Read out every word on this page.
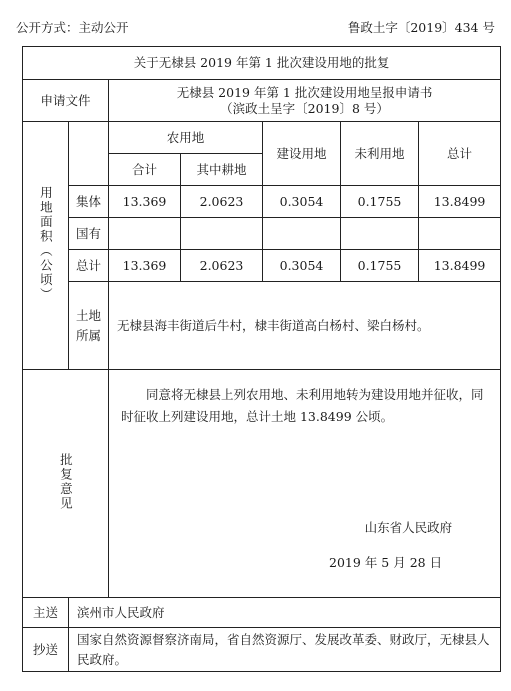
公开方式：主动公开	鲁政土字〔2019〕434 号
关于无棣县 2019 年第 1 批次建设用地的批复						
申请文件		无棣县 2019 年第 1 批次建设用地呈报申请书
（滨政土呈字〔2019〕8 号）				

用地面积（公顷）		农用地		建设用地	未利用地	总计
		合计	其中耕地			
	集体	13.369	2.0623	0.3054	0.1755	13.8499
	国有					
	总计	13.369	2.0623	0.3054	0.1755	13.8499
	土地所属	无棣县海丰街道后牛村，棣丰街道高白杨村、梁白杨村。				
批复意见		同意将无棣县上列农用地、未利用地转为建设用地并征收，同时征收上列建设用地，总计土地 13.8499 公顷。
山东省人民政府
2019 年 5 月 28 日				

主送	滨州市人民政府					
抄送	国家自然资源督察济南局，省自然资源厅、发展改革委、财政厅，无棣县人民政府。					
